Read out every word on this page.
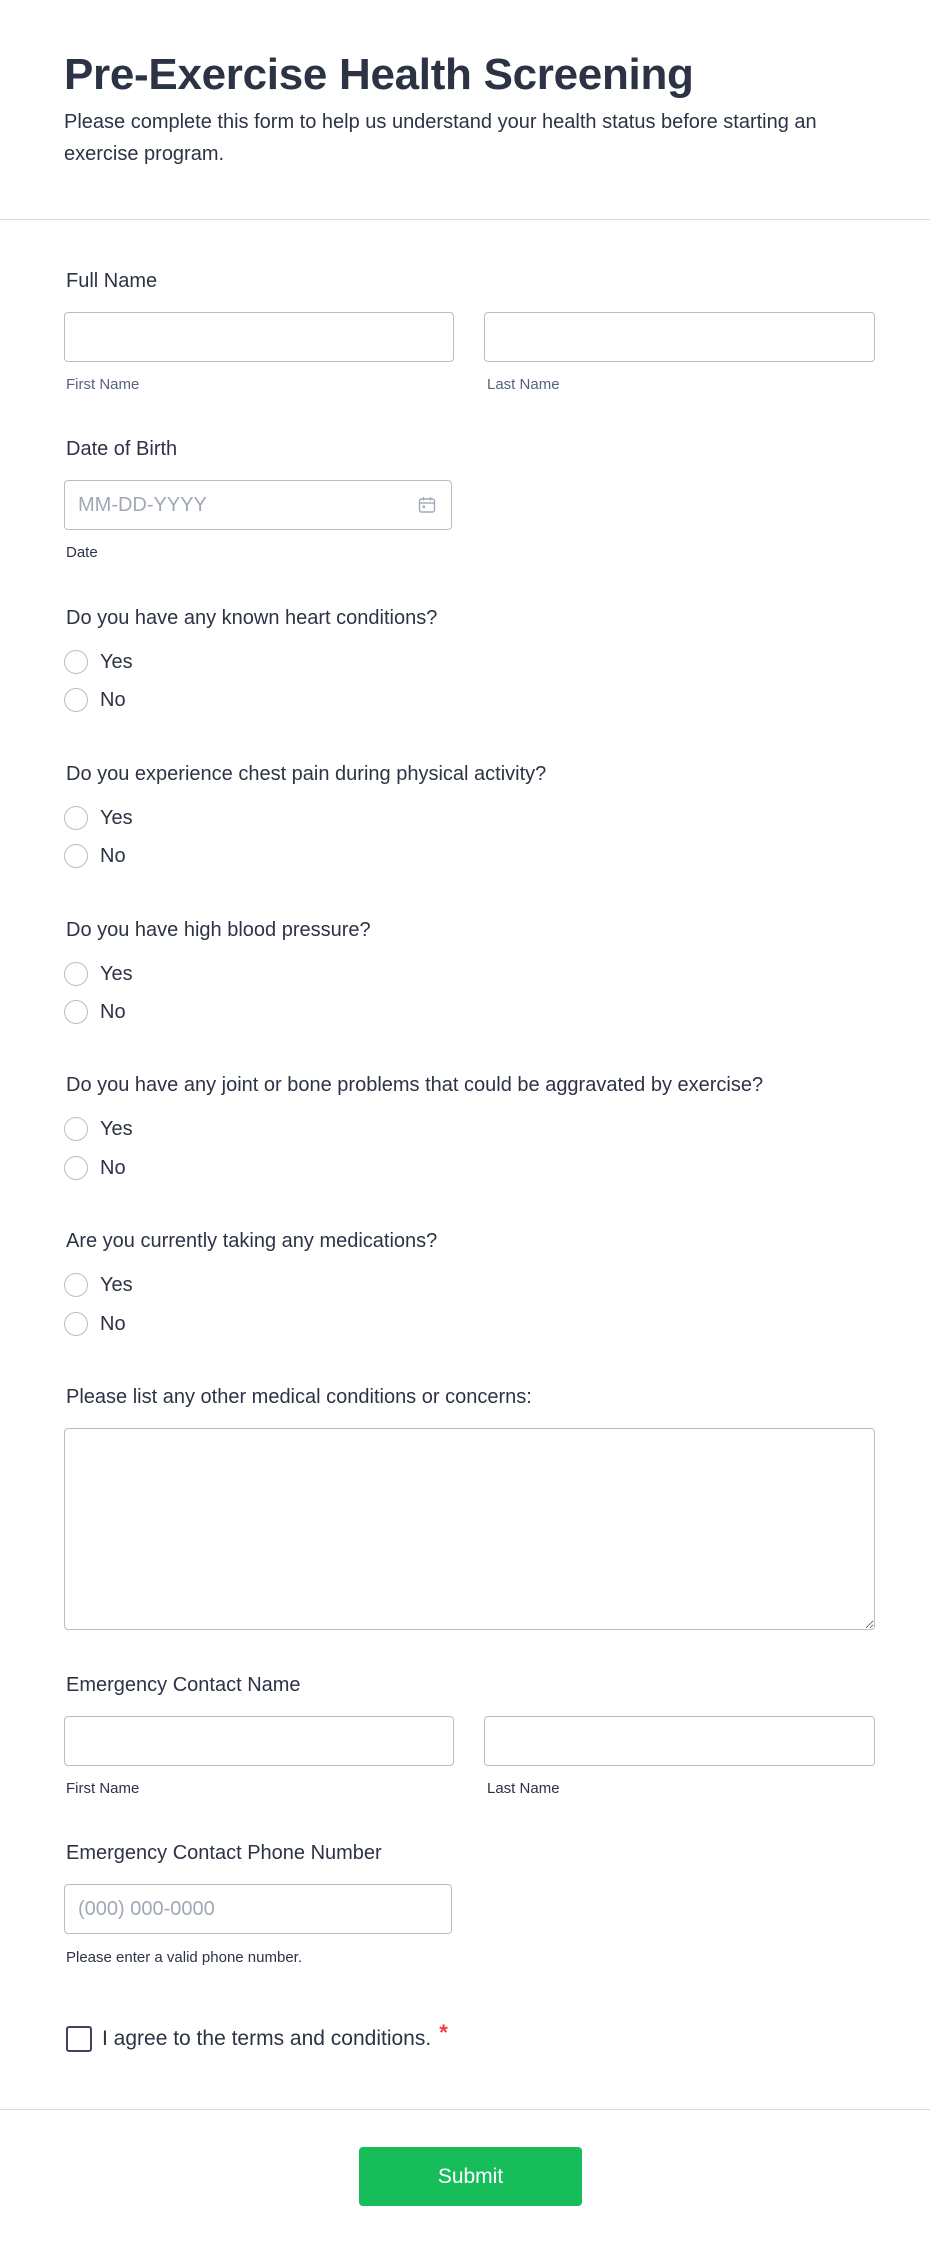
Pre-Exercise Health Screening

Please complete this form to help us understand your health status before starting an exercise program.

Full Name
First Name	Last Name
Date of Birth
MM-DD-YYYY
Date
Do you have any known heart conditions?
Yes
No
Do you experience chest pain during physical activity?
Yes
No
Do you have high blood pressure?
Yes
No
Do you have any joint or bone problems that could be aggravated by exercise?
Yes
No
Are you currently taking any medications?
Yes
No
Please list any other medical conditions or concerns:
Emergency Contact Name
First Name	Last Name
Emergency Contact Phone Number
(000) 000-0000
Please enter a valid phone number.
I agree to the terms and conditions. *
Submit
